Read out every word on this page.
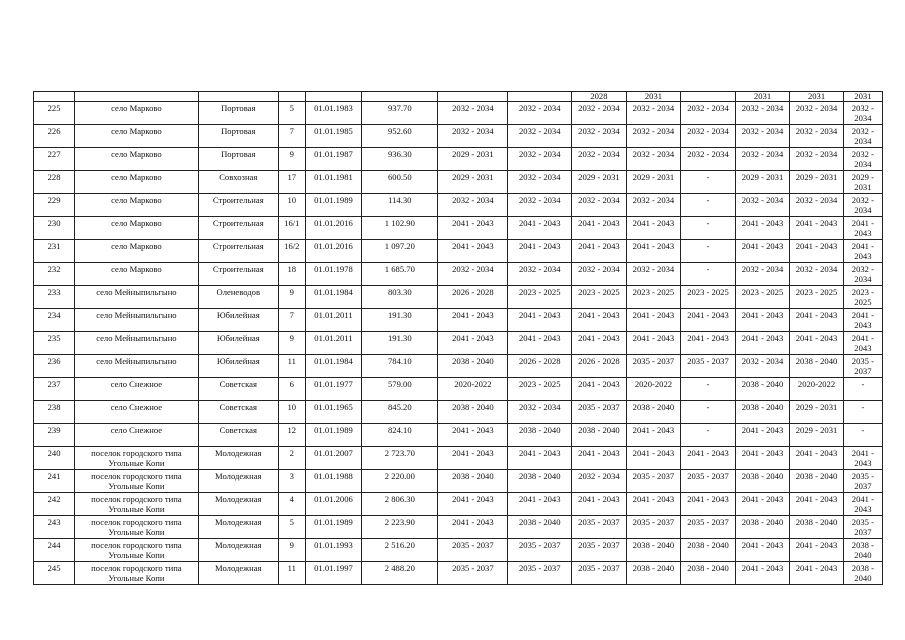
								2028	2031		2031	2031	2031
225	село Марково	Портовая	5	01.01.1983	937.70	2032 - 2034	2032 - 2034	2032 - 2034	2032 - 2034	2032 - 2034	2032 - 2034	2032 - 2034	2032 - 2034
226	село Марково	Портовая	7	01.01.1985	952.60	2032 - 2034	2032 - 2034	2032 - 2034	2032 - 2034	2032 - 2034	2032 - 2034	2032 - 2034	2032 - 2034
227	село Марково	Портовая	9	01.01.1987	936.30	2029 - 2031	2032 - 2034	2032 - 2034	2032 - 2034	2032 - 2034	2032 - 2034	2032 - 2034	2032 - 2034
228	село Марково	Совхозная	17	01.01.1981	600.50	2029 - 2031	2032 - 2034	2029 - 2031	2029 - 2031	-	2029 - 2031	2029 - 2031	2029 - 2031
229	село Марково	Строительная	10	01.01.1989	114.30	2032 - 2034	2032 - 2034	2032 - 2034	2032 - 2034	-	2032 - 2034	2032 - 2034	2032 - 2034
230	село Марково	Строительная	16/1	01.01.2016	1 102.90	2041 - 2043	2041 - 2043	2041 - 2043	2041 - 2043	-	2041 - 2043	2041 - 2043	2041 - 2043
231	село Марково	Строительная	16/2	01.01.2016	1 097.20	2041 - 2043	2041 - 2043	2041 - 2043	2041 - 2043	-	2041 - 2043	2041 - 2043	2041 - 2043
232	село Марково	Строительная	18	01.01.1978	1 685.70	2032 - 2034	2032 - 2034	2032 - 2034	2032 - 2034	-	2032 - 2034	2032 - 2034	2032 - 2034
233	село Мейныпильгыно	Оленеводов	9	01.01.1984	803.30	2026 - 2028	2023 - 2025	2023 - 2025	2023 - 2025	2023 - 2025	2023 - 2025	2023 - 2025	2023 - 2025
234	село Мейныпильгыно	Юбилейная	7	01.01.2011	191.30	2041 - 2043	2041 - 2043	2041 - 2043	2041 - 2043	2041 - 2043	2041 - 2043	2041 - 2043	2041 - 2043
235	село Мейныпильгыно	Юбилейная	9	01.01.2011	191.30	2041 - 2043	2041 - 2043	2041 - 2043	2041 - 2043	2041 - 2043	2041 - 2043	2041 - 2043	2041 - 2043
236	село Мейныпильгыно	Юбилейная	11	01.01.1984	784.10	2038 - 2040	2026 - 2028	2026 - 2028	2035 - 2037	2035 - 2037	2032 - 2034	2038 - 2040	2035 - 2037
237	село Снежное	Советская	6	01.01.1977	579.00	2020-2022	2023 - 2025	2041 - 2043	2020-2022	-	2038 - 2040	2020-2022	-
238	село Снежное	Советская	10	01.01.1965	845.20	2038 - 2040	2032 - 2034	2035 - 2037	2038 - 2040	-	2038 - 2040	2029 - 2031	-
239	село Снежное	Советская	12	01.01.1989	824.10	2041 - 2043	2038 - 2040	2038 - 2040	2041 - 2043	-	2041 - 2043	2029 - 2031	-
240	поселок городского типа Угольные Копи	Молодежная	2	01.01.2007	2 723.70	2041 - 2043	2041 - 2043	2041 - 2043	2041 - 2043	2041 - 2043	2041 - 2043	2041 - 2043	2041 - 2043
241	поселок городского типа Угольные Копи	Молодежная	3	01.01.1988	2 220.00	2038 - 2040	2038 - 2040	2032 - 2034	2035 - 2037	2035 - 2037	2038 - 2040	2038 - 2040	2035 - 2037
242	поселок городского типа Угольные Копи	Молодежная	4	01.01.2006	2 806.30	2041 - 2043	2041 - 2043	2041 - 2043	2041 - 2043	2041 - 2043	2041 - 2043	2041 - 2043	2041 - 2043
243	поселок городского типа Угольные Копи	Молодежная	5	01.01.1989	2 223.90	2041 - 2043	2038 - 2040	2035 - 2037	2035 - 2037	2035 - 2037	2038 - 2040	2038 - 2040	2035 - 2037
244	поселок городского типа Угольные Копи	Молодежная	9	01.01.1993	2 516.20	2035 - 2037	2035 - 2037	2035 - 2037	2038 - 2040	2038 - 2040	2041 - 2043	2041 - 2043	2038 - 2040
245	поселок городского типа Угольные Копи	Молодежная	11	01.01.1997	2 488.20	2035 - 2037	2035 - 2037	2035 - 2037	2038 - 2040	2038 - 2040	2041 - 2043	2041 - 2043	2038 - 2040
